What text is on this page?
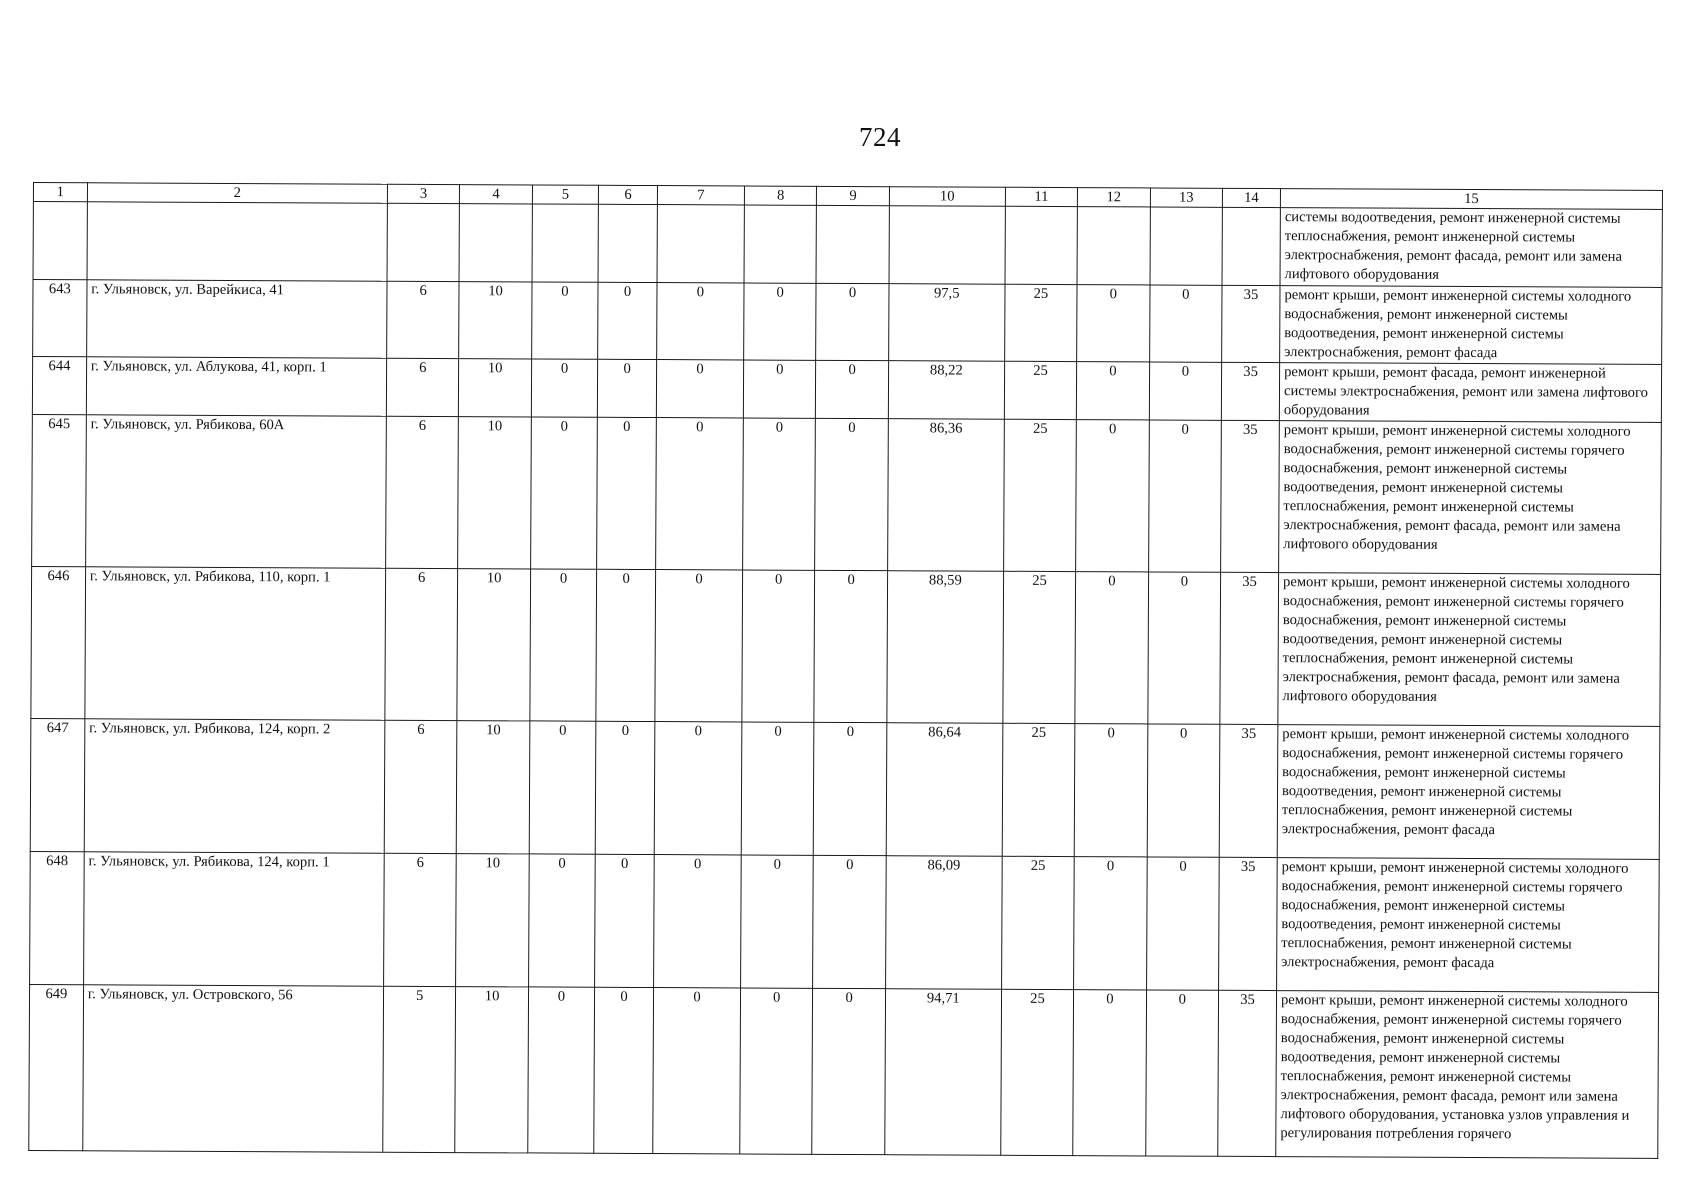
724
1	2	3	4	5	6	7	8	9	10	11	12	13	14	15
														системы водоотведения, ремонт инженерной системы теплоснабжения, ремонт инженерной системы электроснабжения, ремонт фасада, ремонт или замена лифтового оборудования
643	г. Ульяновск, ул. Варейкиса, 41	6	10	0	0	0	0	0	97,5	25	0	0	35	ремонт крыши, ремонт инженерной системы холодного водоснабжения, ремонт инженерной системы водоотведения, ремонт инженерной системы электроснабжения, ремонт фасада
644	г. Ульяновск, ул. Аблукова, 41, корп. 1	6	10	0	0	0	0	0	88,22	25	0	0	35	ремонт крыши, ремонт фасада, ремонт инженерной системы электроснабжения, ремонт или замена лифтового оборудования
645	г. Ульяновск, ул. Рябикова, 60А	6	10	0	0	0	0	0	86,36	25	0	0	35	ремонт крыши, ремонт инженерной системы холодного водоснабжения, ремонт инженерной системы горячего водоснабжения, ремонт инженерной системы водоотведения, ремонт инженерной системы теплоснабжения, ремонт инженерной системы электроснабжения, ремонт фасада, ремонт или замена лифтового оборудования
646	г. Ульяновск, ул. Рябикова, 110, корп. 1	6	10	0	0	0	0	0	88,59	25	0	0	35	ремонт крыши, ремонт инженерной системы холодного водоснабжения, ремонт инженерной системы горячего водоснабжения, ремонт инженерной системы водоотведения, ремонт инженерной системы теплоснабжения, ремонт инженерной системы электроснабжения, ремонт фасада, ремонт или замена лифтового оборудования
647	г. Ульяновск, ул. Рябикова, 124, корп. 2	6	10	0	0	0	0	0	86,64	25	0	0	35	ремонт крыши, ремонт инженерной системы холодного водоснабжения, ремонт инженерной системы горячего водоснабжения, ремонт инженерной системы водоотведения, ремонт инженерной системы теплоснабжения, ремонт инженерной системы электроснабжения, ремонт фасада
648	г. Ульяновск, ул. Рябикова, 124, корп. 1	6	10	0	0	0	0	0	86,09	25	0	0	35	ремонт крыши, ремонт инженерной системы холодного водоснабжения, ремонт инженерной системы горячего водоснабжения, ремонт инженерной системы водоотведения, ремонт инженерной системы теплоснабжения, ремонт инженерной системы электроснабжения, ремонт фасада
649	г. Ульяновск, ул. Островского, 56	5	10	0	0	0	0	0	94,71	25	0	0	35	ремонт крыши, ремонт инженерной системы холодного водоснабжения, ремонт инженерной системы горячего водоснабжения, ремонт инженерной системы водоотведения, ремонт инженерной системы теплоснабжения, ремонт инженерной системы электроснабжения, ремонт фасада, ремонт или замена лифтового оборудования, установка узлов управления и регулирования потребления горячего
